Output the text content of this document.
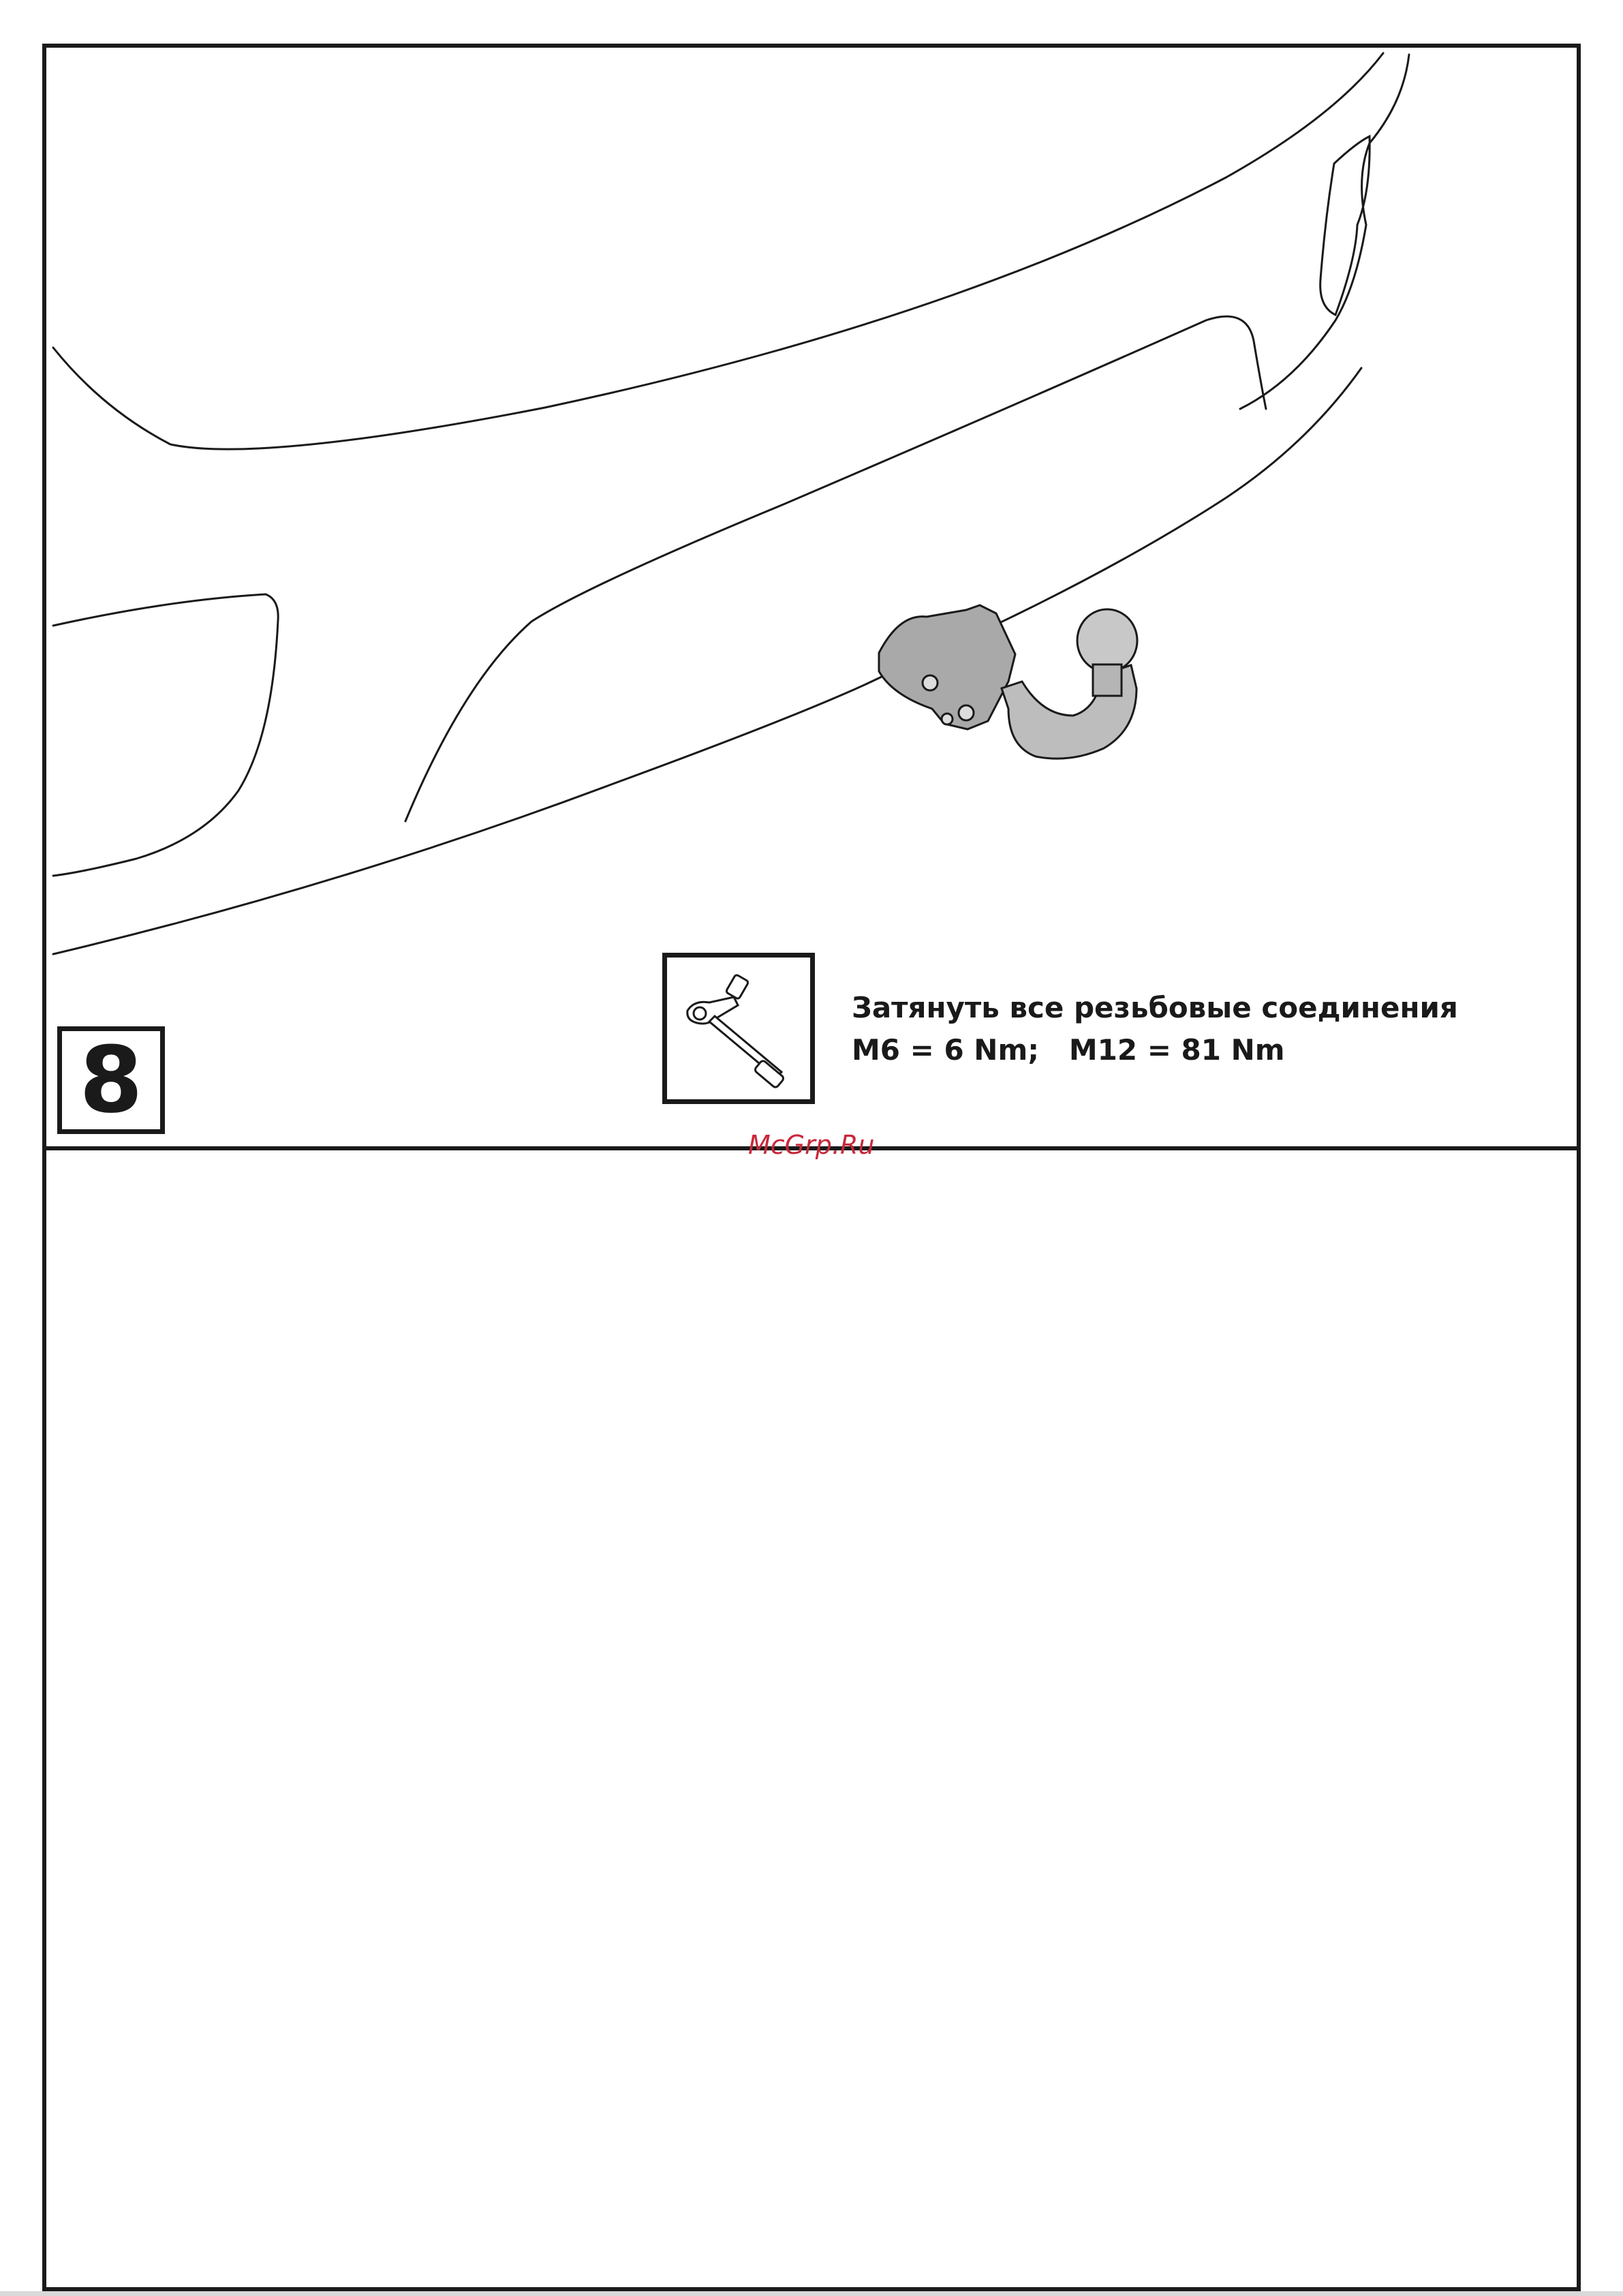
8
Затянуть все резьбовые соединения
M6 = 6 Nm;   M12 = 81 Nm
McGrp.Ru
